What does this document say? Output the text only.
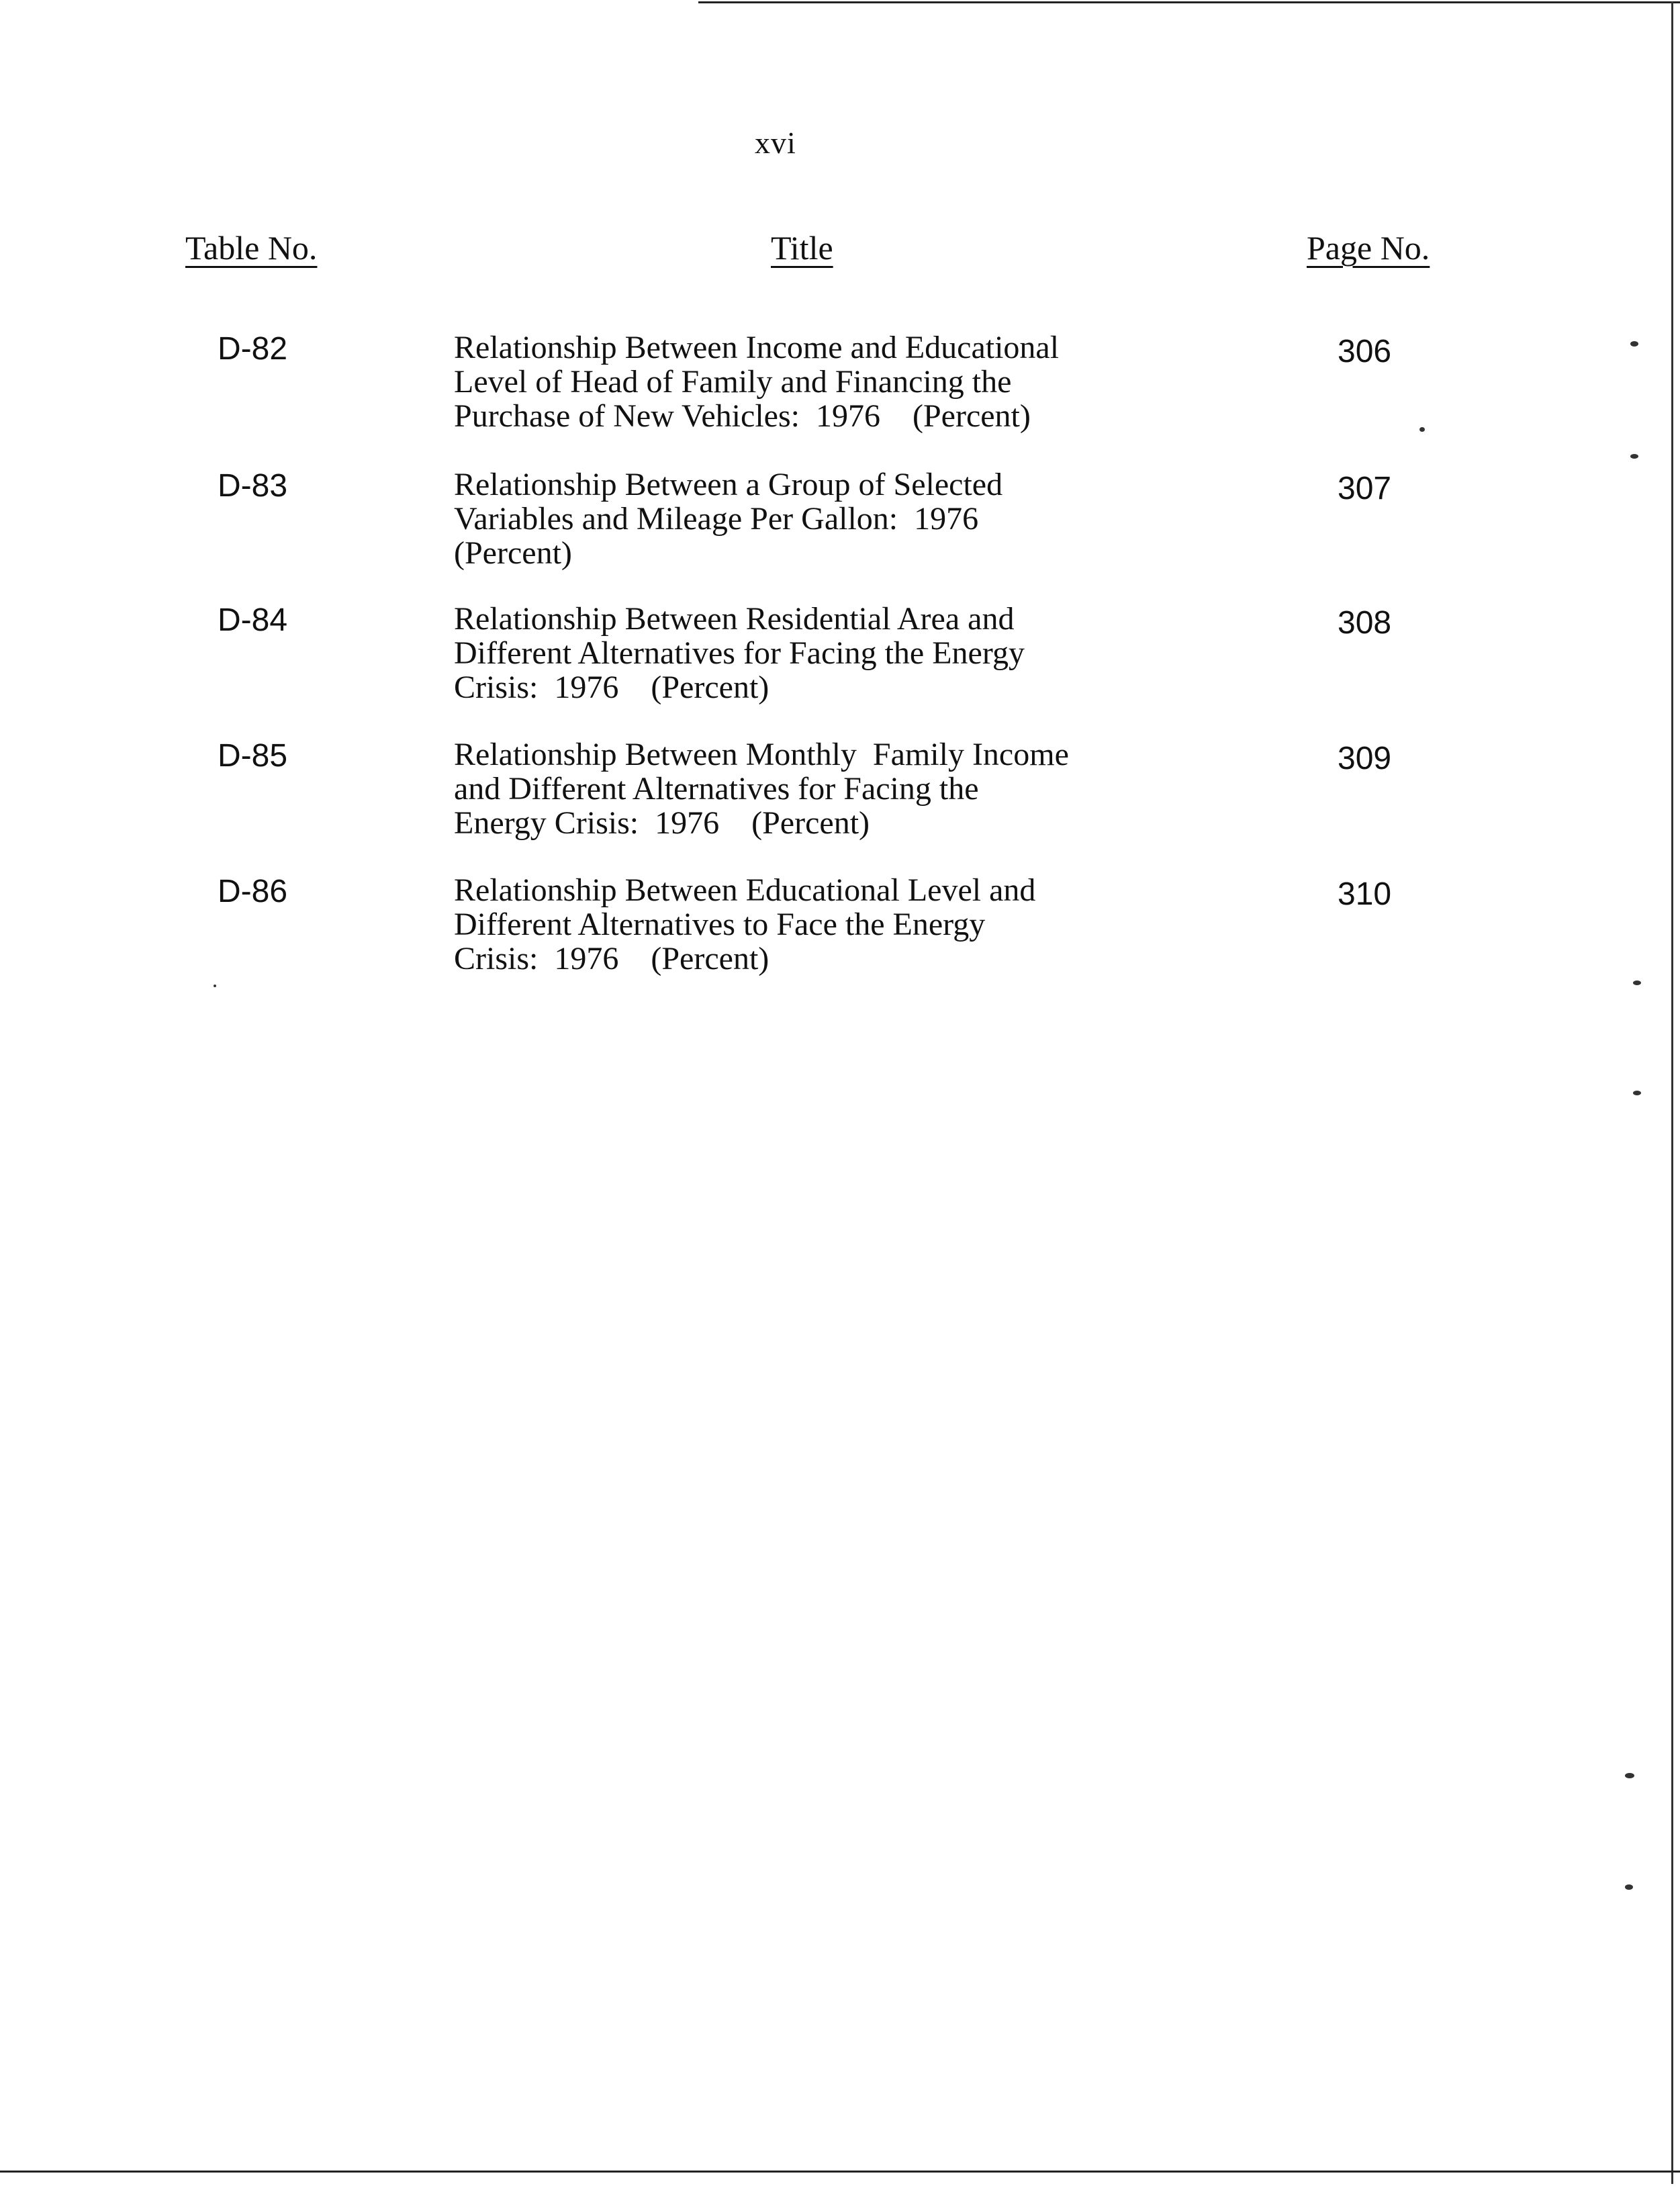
xvi
Table No.	Title	Page No.
D-82	Relationship Between Income and Educational
Level of Head of Family and Financing the
Purchase of New Vehicles:  1976    (Percent)
306
D-83	Relationship Between a Group of Selected
Variables and Mileage Per Gallon:  1976
(Percent)
307
D-84	Relationship Between Residential Area and
Different Alternatives for Facing the Energy
Crisis:  1976    (Percent)
308
D-85	Relationship Between Monthly  Family Income
and Different Alternatives for Facing the
Energy Crisis:  1976    (Percent)
309
D-86	Relationship Between Educational Level and
Different Alternatives to Face the Energy
Crisis:  1976    (Percent)
310
